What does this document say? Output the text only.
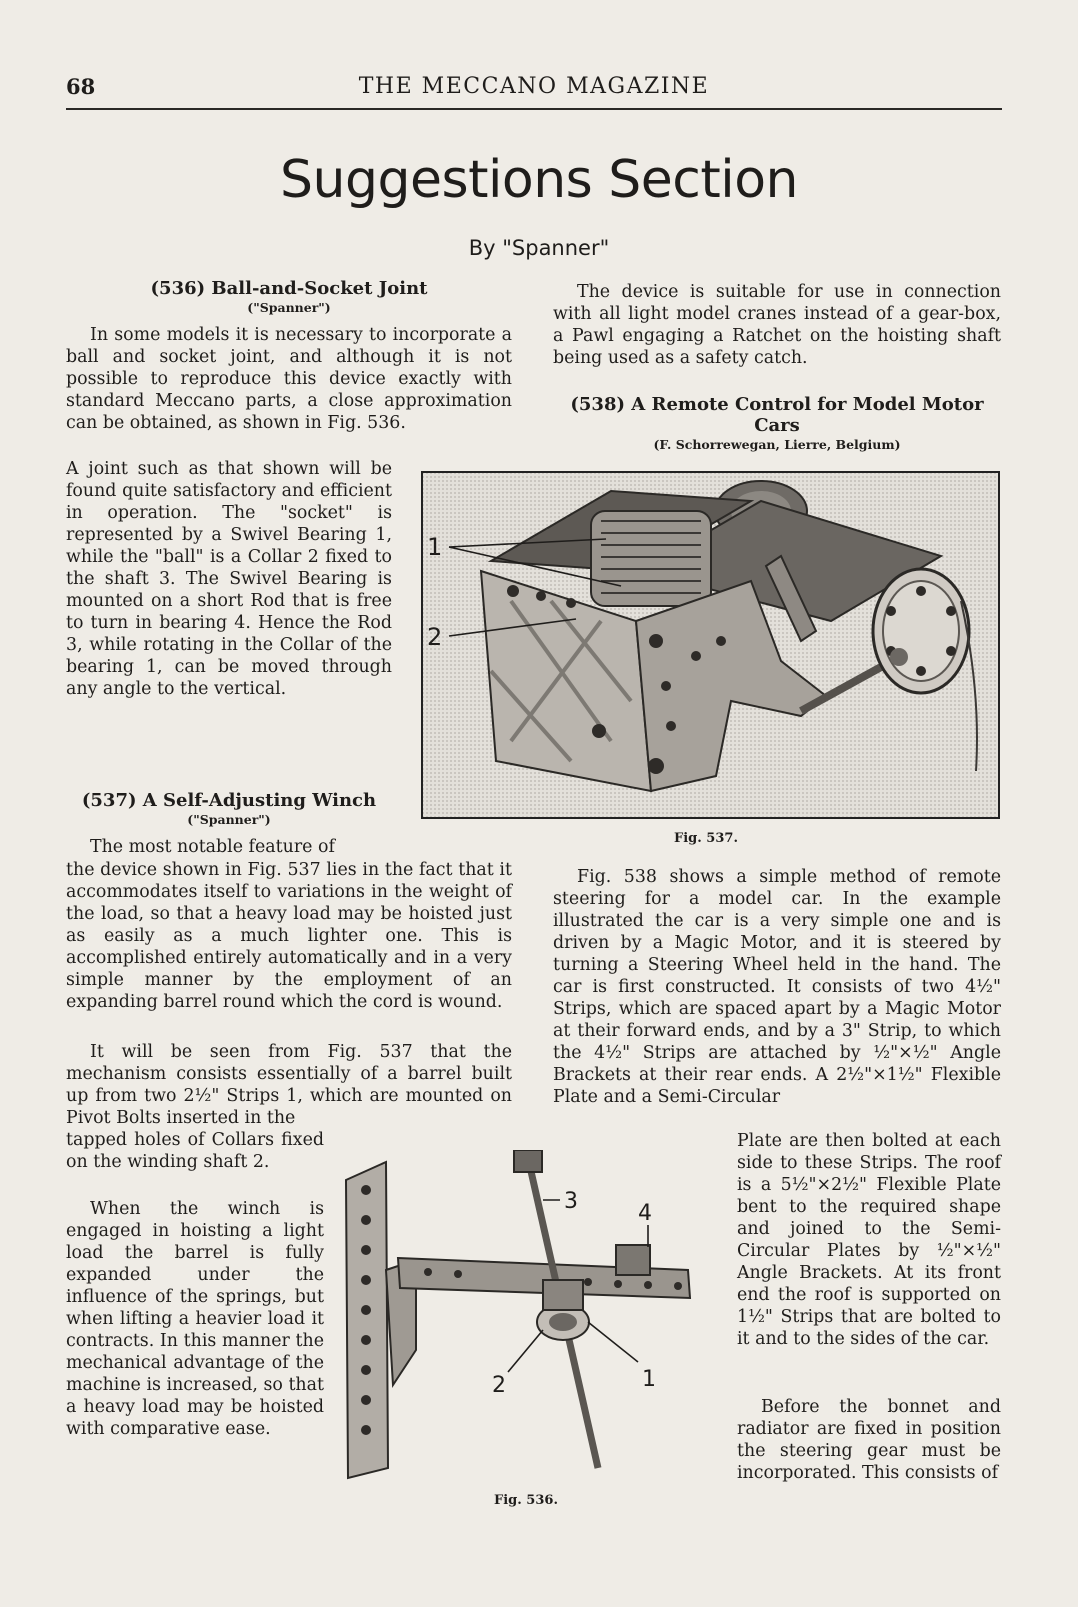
68	THE MECCANO MAGAZINE
Suggestions Section
By "Spanner"
(536) Ball-and-Socket Joint
("Spanner")

In some models it is necessary to incorporate a ball and socket joint, and although it is not possible to reproduce this device exactly with standard Meccano parts, a close approximation can be obtained, as shown in Fig. 536.

A joint such as that shown will be found quite satisfactory and efficient in operation. The "socket" is represented by a Swivel Bearing 1, while the "ball" is a Collar 2 fixed to the shaft 3. The Swivel Bearing is mounted on a short Rod that is free to turn in bearing 4. Hence the Rod 3, while rotating in the Collar of the bearing 1, can be moved through any angle to the vertical.

(537) A Self-Adjusting Winch
("Spanner")

The most notable feature of

the device shown in Fig. 537 lies in the fact that it accommodates itself to variations in the weight of the load, so that a heavy load may be hoisted just as easily as a much lighter one. This is accomplished entirely automatically and in a very simple manner by the employment of an expanding barrel round which the cord is wound.

It will be seen from Fig. 537 that the mechanism consists essentially of a barrel built up from two 2½" Strips 1, which are mounted on Pivot Bolts inserted in the

tapped holes of Collars fixed on the winding shaft 2.

When the winch is engaged in hoisting a light load the barrel is fully expanded under the influence of the springs, but when lifting a heavier load it contracts. In this manner the mechanical advantage of the machine is increased, so that a heavy load may be hoisted with comparative ease.

The device is suitable for use in connection with all light model cranes instead of a gear-box, a Pawl engaging a Ratchet on the hoisting shaft being used as a safety catch.

(538) A Remote Control for Model Motor Cars
(F. Schorrewegan, Lierre, Belgium)

Fig. 538 shows a simple method of remote steering for a model car. In the example illustrated the car is a very simple one and is driven by a Magic Motor, and it is steered by turning a Steering Wheel held in the hand. The car is first constructed. It consists of two 4½" Strips, which are spaced apart by a Magic Motor at their forward ends, and by a 3" Strip, to which the 4½" Strips are attached by ½"×½" Angle Brackets at their rear ends. A 2½"×1½" Flexible Plate and a Semi-Circular

Plate are then bolted at each side to these Strips. The roof is a 5½"×2½" Flexible Plate bent to the required shape and joined to the Semi-Circular Plates by ½"×½" Angle Brackets. At its front end the roof is supported on 1½" Strips that are bolted to it and to the sides of the car.

Before the bonnet and radiator are fixed in position the steering gear must be incorporated. This consists of

1
2
Fig. 537.
3	4
2	1
Fig. 536.
